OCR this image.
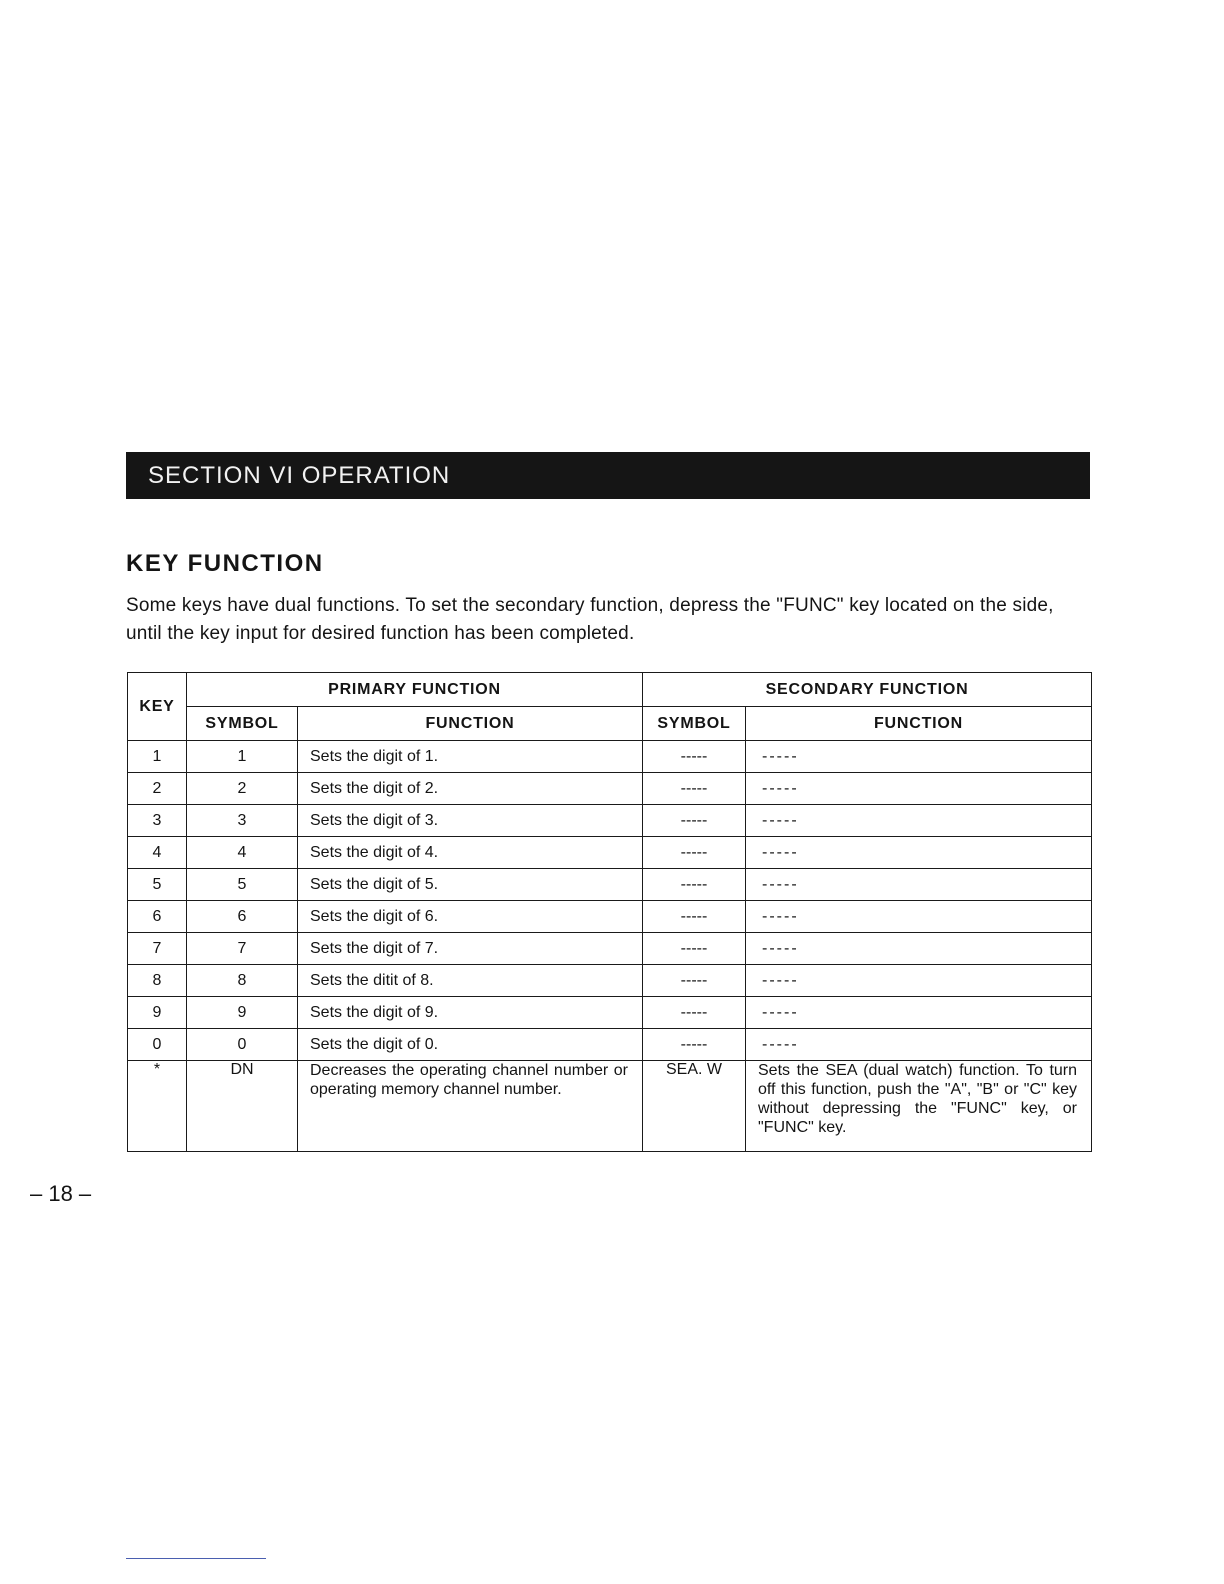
SECTION VI OPERATION
KEY FUNCTION

Some keys have dual functions. To set the secondary function, depress the "FUNC" key located on the side, until the key input for desired function has been completed.

KEY	PRIMARY FUNCTION		SECONDARY FUNCTION	
	SYMBOL	FUNCTION	SYMBOL	FUNCTION
1	1	Sets the digit of 1.	-----	-----
2	2	Sets the digit of 2.	-----	-----
3	3	Sets the digit of 3.	-----	-----
4	4	Sets the digit of 4.	-----	-----
5	5	Sets the digit of 5.	-----	-----
6	6	Sets the digit of 6.	-----	-----
7	7	Sets the digit of 7.	-----	-----
8	8	Sets the ditit of 8.	-----	-----
9	9	Sets the digit of 9.	-----	-----
0	0	Sets the digit of 0.	-----	-----
*	DN	Decreases the operating channel number or operating memory channel number.	SEA. W	Sets the SEA (dual watch) function. To turn off this function, push the "A", "B" or "C" key without depressing the "FUNC" key, or "FUNC" key.
– 18 –
